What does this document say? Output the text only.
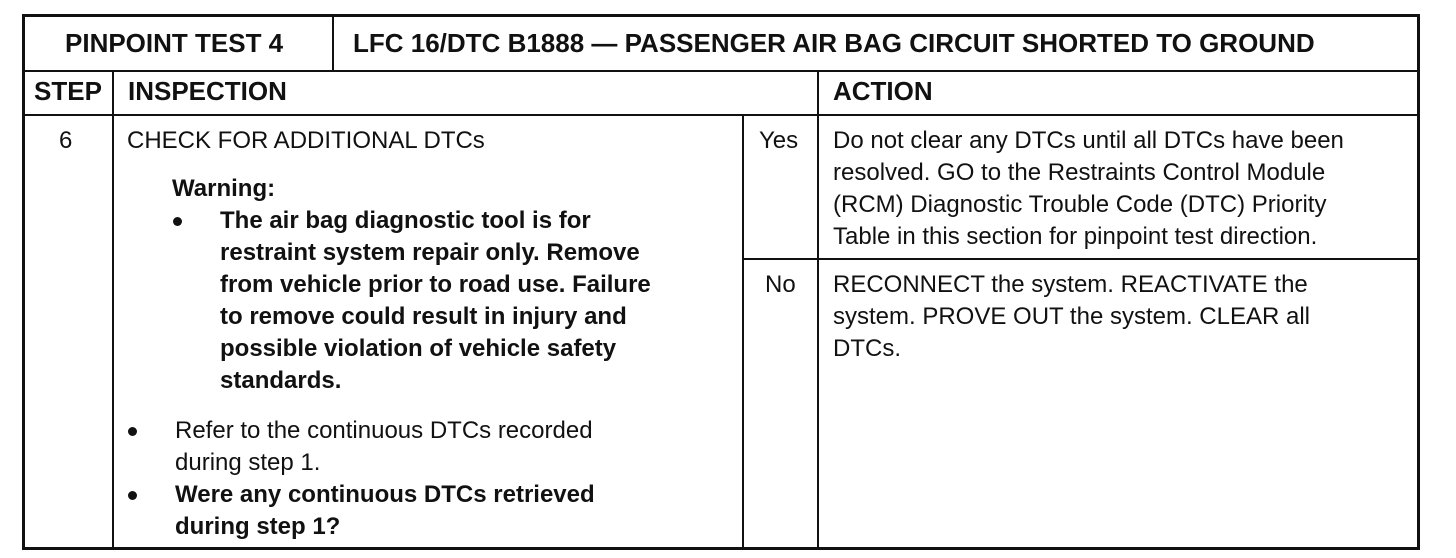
PINPOINT TEST 4	LFC 16/DTC B1888 — PASSENGER AIR BAG CIRCUIT SHORTED TO GROUND
STEP INSPECTION	ACTION
6 CHECK FOR ADDITIONAL DTCs
Warning:
The air bag diagnostic tool is for
restraint system repair only. Remove
from vehicle prior to road use. Failure
to remove could result in injury and
possible violation of vehicle safety
standards.
Refer to the continuous DTCs recorded
during step 1.
Were any continuous DTCs retrieved
during step 1?
Yes Do not clear any DTCs until all DTCs have been
resolved. GO to the Restraints Control Module
(RCM) Diagnostic Trouble Code (DTC) Priority
Table in this section for pinpoint test direction.
No RECONNECT the system. REACTIVATE the
system. PROVE OUT the system. CLEAR all
DTCs.
